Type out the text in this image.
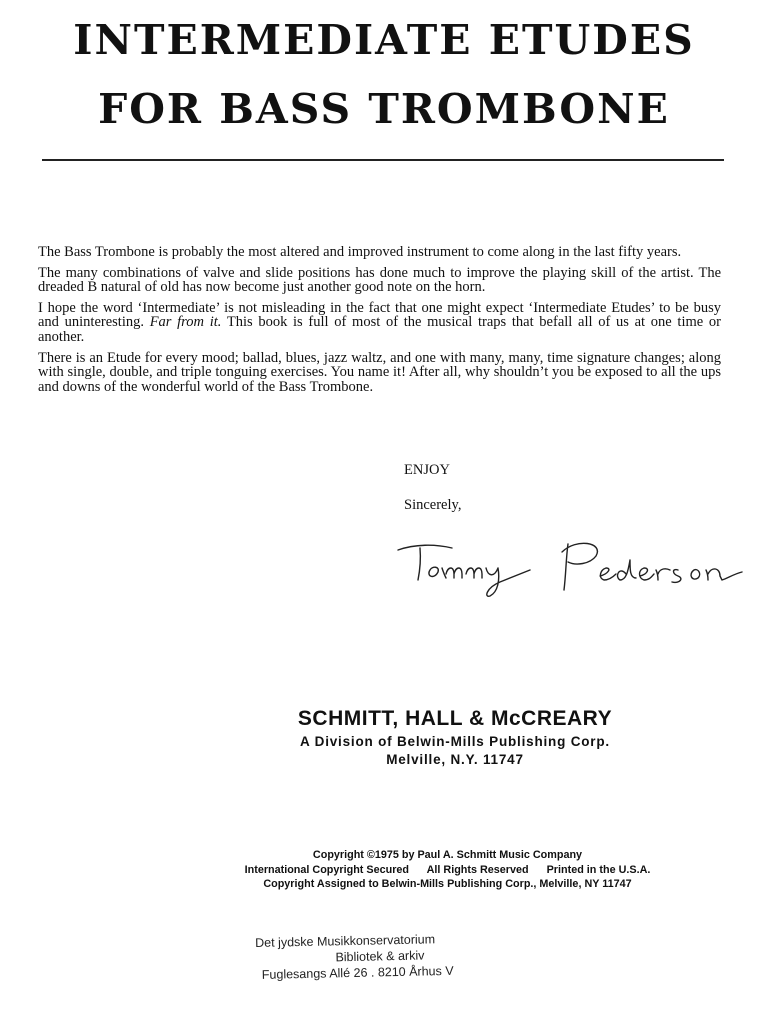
INTERMEDIATE ETUDES
FOR BASS TROMBONE

The Bass Trombone is probably the most altered and improved instrument to come along in the last fifty years.

The many combinations of valve and slide positions has done much to improve the playing skill of the artist. The dreaded B natural of old has now become just another good note on the horn.

I hope the word ‘Intermediate’ is not misleading in the fact that one might expect ‘Intermediate Etudes’ to be busy and uninteresting. Far from it. This book is full of most of the musical traps that befall all of us at one time or another.

There is an Etude for every mood; ballad, blues, jazz waltz, and one with many, many, time signature changes; along with single, double, and triple tonguing exercises. You name it! After all, why shouldn’t you be exposed to all the ups and downs of the wonderful world of the Bass Trombone.

ENJOY
Sincerely,
SCHMITT, HALL & McCREARY
A Division of Belwin-Mills Publishing Corp.
Melville, N.Y. 11747
Copyright ©1975 by Paul A. Schmitt Music Company
International Copyright Secured      All Rights Reserved      Printed in the U.S.A.
Copyright Assigned to Belwin-Mills Publishing Corp., Melville, NY 11747
Det jydske Musikkonservatorium
Bibliotek & arkiv
Fuglesangs Allé 26 . 8210 Århus V
